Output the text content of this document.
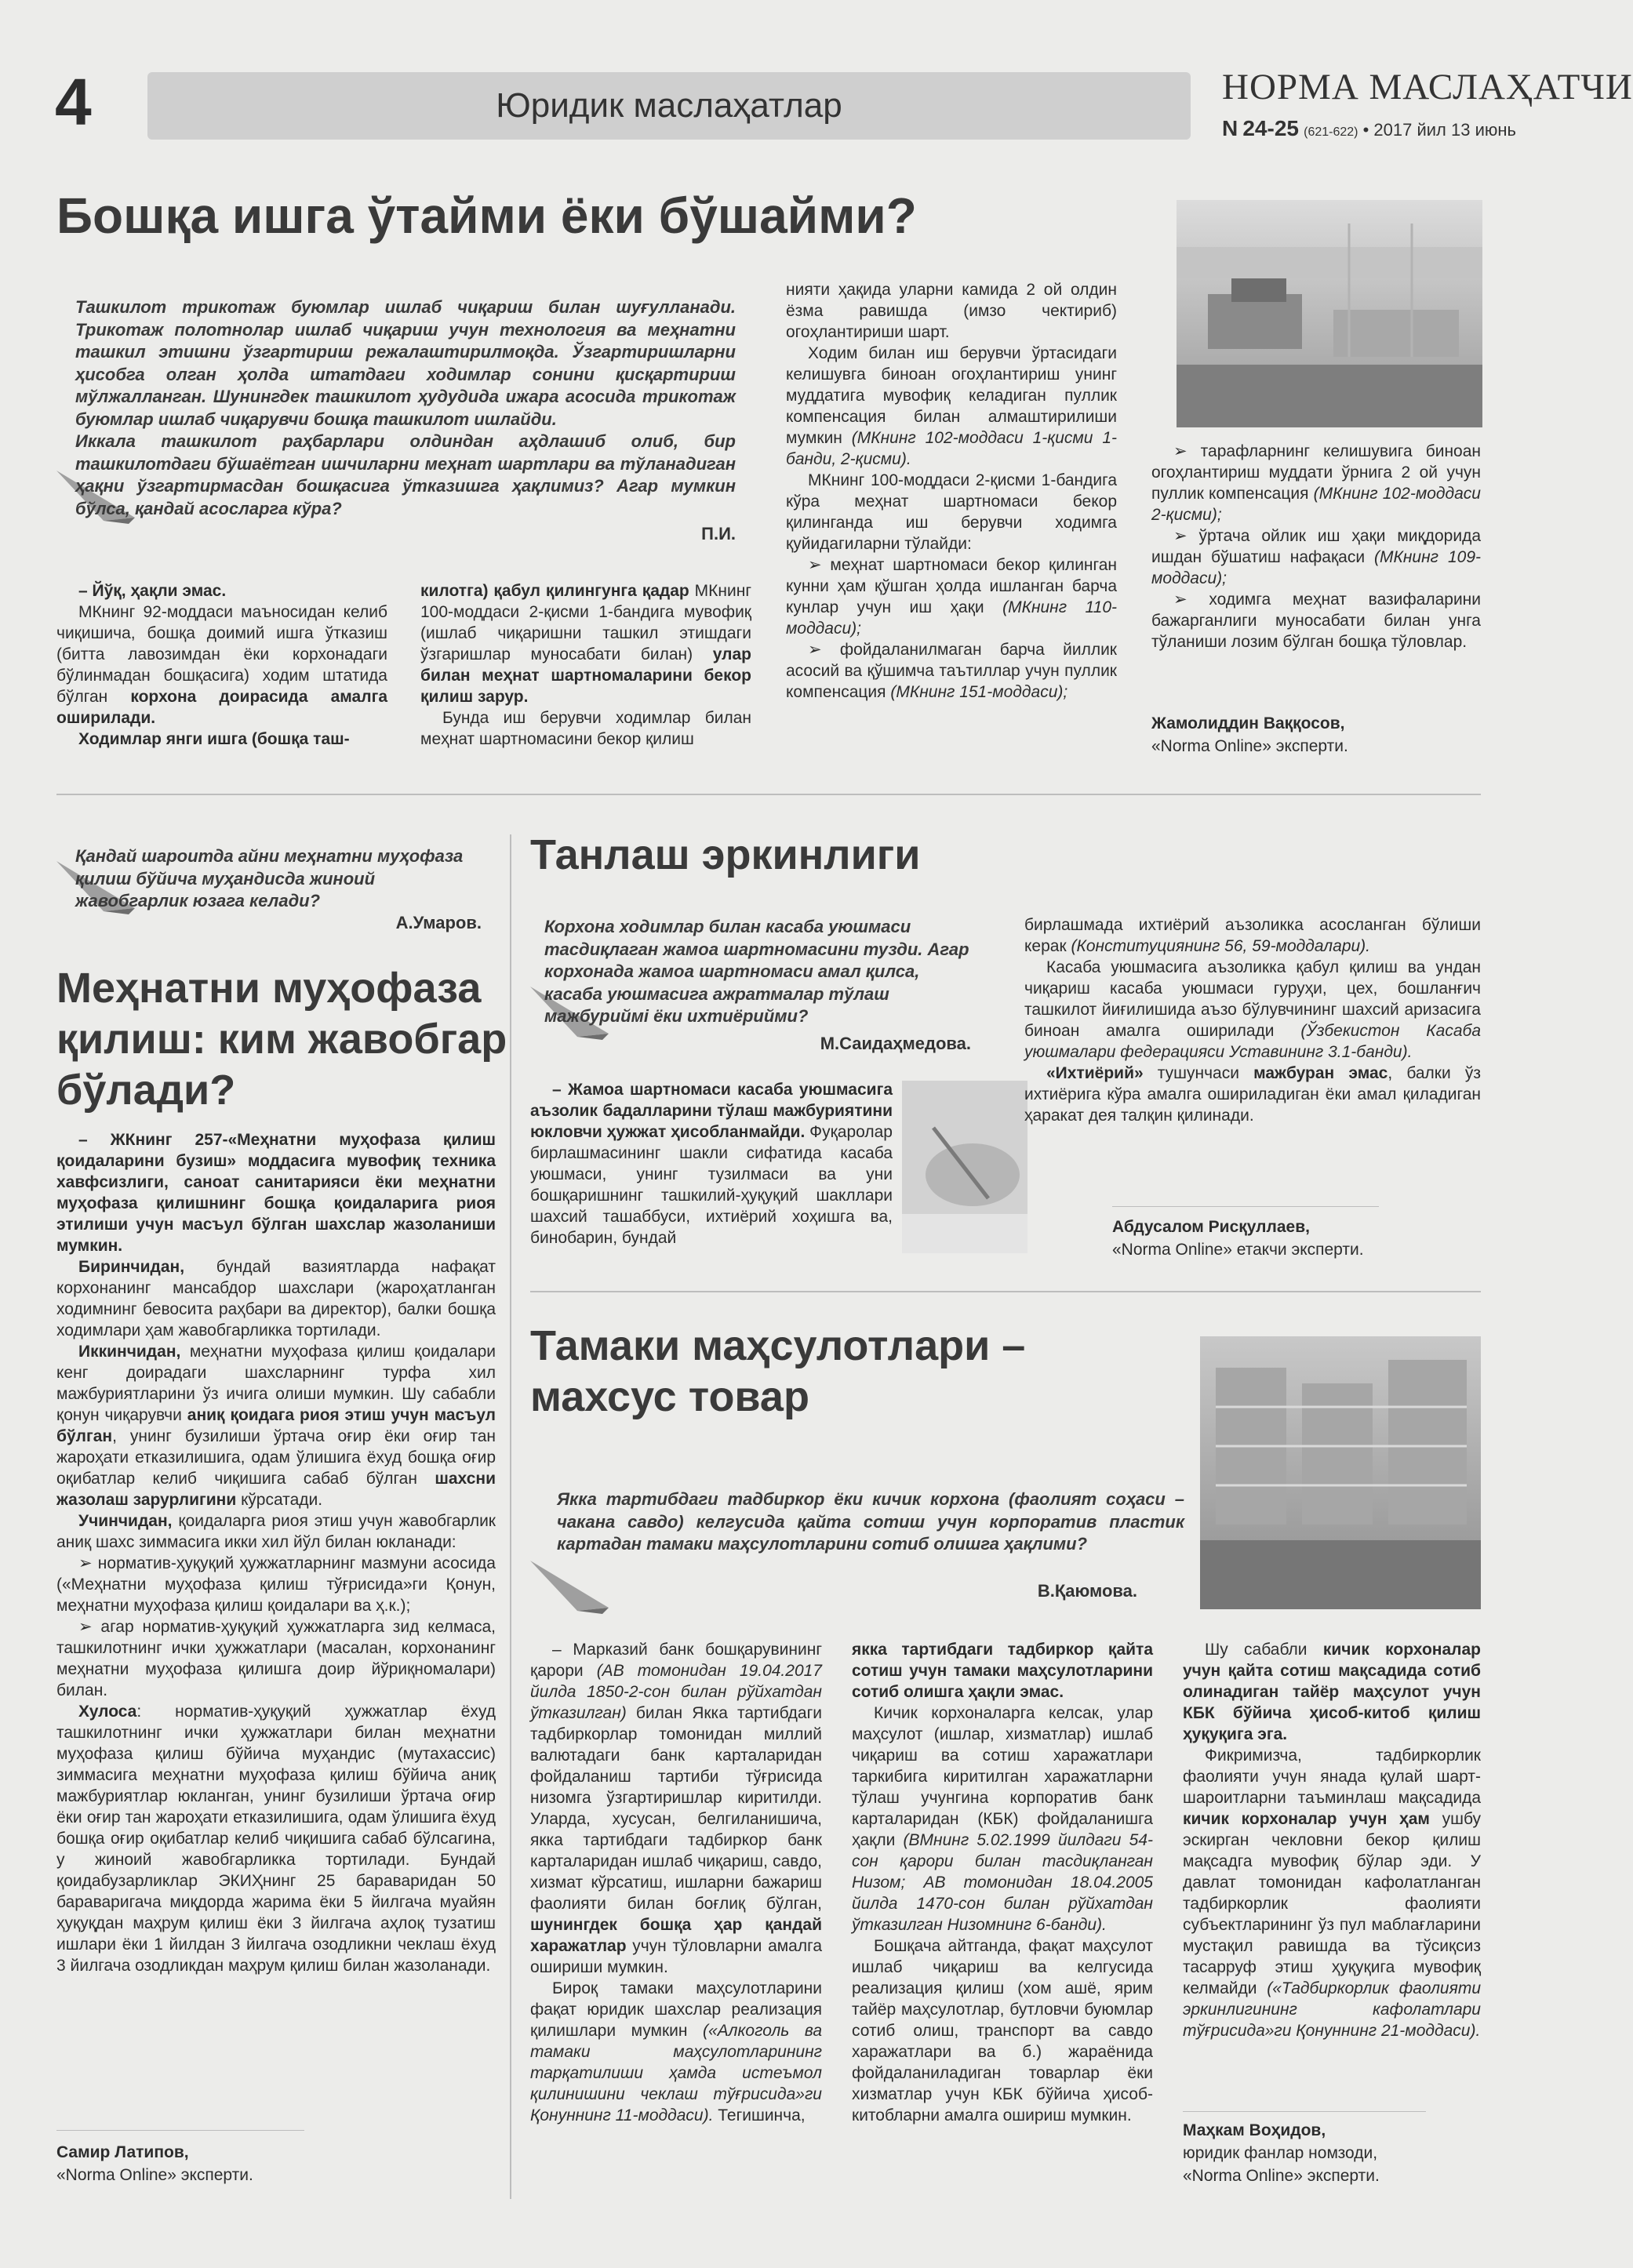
4	Юридик маслаҳатлар	НОРМА МАСЛАҲАТЧИ
N 24-25 (621-622) • 2017 йил 13 июнь
Бошқа ишга ўтайми ёки бўшайми?

Ташкилот трикотаж буюмлар ишлаб чиқариш билан шуғулланади. Трикотаж полотнолар ишлаб чиқариш учун технология ва меҳнатни ташкил этишни ўзгартириш режалаштирилмоқда. Ўзгартиришларни ҳисобга олган ҳолда штатдаги ходимлар сонини қисқартириш мўлжалланган. Шунингдек ташкилот ҳудудида ижара асосида трикотаж буюмлар ишлаб чиқарувчи бошқа ташкилот ишлайди.
Иккала ташкилот раҳбарлари олдиндан аҳдлашиб олиб, бир ташкилотдаги бўшаётган ишчиларни меҳнат шартлари ва тўланадиган ҳақни ўзгартирмасдан бошқасига ўтказишга ҳақлимиз? Агар мумкин бўлса, қандай асосларга кўра?

П.И.

– Йўқ, ҳақли эмас.

МКнинг 92-моддаси маъносидан келиб чиқишича, бошқа доимий ишга ўтказиш (битта лавозимдан ёки корхонадаги бўлинмадан бошқасига) ходим штатида бўлган корхона доирасида амалга оширилади.

Ходимлар янги ишга (бошқа таш-

килотга) қабул қилингунга қадар МКнинг 100-моддаси 2-қисми 1-бандига мувофиқ (ишлаб чиқаришни ташкил этишдаги ўзгаришлар муносабати билан) улар билан меҳнат шартномаларини бекор қилиш зарур.

Бунда иш берувчи ходимлар билан меҳнат шартномасини бекор қилиш

нияти ҳақида уларни камида 2 ой олдин ёзма равишда (имзо чектириб) огоҳлантириши шарт.

Ходим билан иш берувчи ўртасидаги келишувга биноан огоҳлантириш унинг муддатига мувофиқ келадиган пуллик компенсация билан алмаштирилиши мумкин (МКнинг 102-моддаси 1-қисми 1-банди, 2-қисми).

МКнинг 100-моддаси 2-қисми 1-бандига кўра меҳнат шартномаси бекор қилинганда иш берувчи ходимга қуйидагиларни тўлайди:

➢ меҳнат шартномаси бекор қилинган кунни ҳам қўшган ҳолда ишланган барча кунлар учун иш ҳақи (МКнинг 110-моддаси);

➢ фойдаланилмаган барча йиллик асосий ва қўшимча таътиллар учун пуллик компенсация (МКнинг 151-моддаси);

➢ тарафларнинг келишувига биноан огоҳлантириш муддати ўрнига 2 ой учун пуллик компенсация (МКнинг 102-моддаси 2-қисми);

➢ ўртача ойлик иш ҳақи миқдорида ишдан бўшатиш нафақаси (МКнинг 109-моддаси);

➢ ходимга меҳнат вазифаларини бажарганлиги муносабати билан унга тўланиши лозим бўлган бошқа тўловлар.

Жамолиддин Ваққосов,
«Norma Online» эксперти.

Қандай шароитда айни меҳнатни муҳофаза қилиш бўйича муҳандисда жиноий жавобгарлик юзага келади?

А.Умаров.
Меҳнатни муҳофаза қилиш: ким жавобгар бўлади?

– ЖКнинг 257-«Меҳнатни муҳофаза қилиш қоидаларини бузиш» моддасига мувофиқ техника хавфсизлиги, саноат санитарияси ёки меҳнатни муҳофаза қилишнинг бошқа қоидаларига риоя этилиши учун масъул бўлган шахслар жазоланиши мумкин.

Биринчидан, бундай вазиятларда нафақат корхонанинг мансабдор шахслари (жароҳатланган ходимнинг бевосита раҳбари ва директор), балки бошқа ходимлари ҳам жавобгарликка тортилади.

Иккинчидан, меҳнатни муҳофаза қилиш қоидалари кенг доирадаги шахсларнинг турфа хил мажбуриятларини ўз ичига олиши мумкин. Шу сабабли қонун чиқарувчи аниқ қоидага риоя этиш учун масъул бўлган, унинг бузилиши ўртача оғир ёки оғир тан жароҳати етказилишига, одам ўлишига ёхуд бошқа оғир оқибатлар келиб чиқишига сабаб бўлган шахсни жазолаш зарурлигини кўрсатади.

Учинчидан, қоидаларга риоя этиш учун жавобгарлик аниқ шахс зиммасига икки хил йўл билан юкланади:

➢ норматив-ҳуқуқий ҳужжатларнинг мазмуни асосида («Меҳнатни муҳофаза қилиш тўғрисида»ги Қонун, меҳнатни муҳофаза қилиш қоидалари ва ҳ.к.);

➢ агар норматив-ҳуқуқий ҳужжатларга зид келмаса, ташкилотнинг ички ҳужжатлари (масалан, корхонанинг меҳнатни муҳофаза қилишга доир йўриқномалари) билан.

Хулоса: норматив-ҳуқуқий ҳужжатлар ёхуд ташкилотнинг ички ҳужжатлари билан меҳнатни муҳофаза қилиш бўйича муҳандис (мутахассис) зиммасига меҳнатни муҳофаза қилиш бўйича аниқ мажбуриятлар юкланган, унинг бузилиши ўртача оғир ёки оғир тан жароҳати етказилишига, одам ўлишига ёхуд бошқа оғир оқибатлар келиб чиқишига сабаб бўлсагина, у жиноий жавобгарликка тортилади. Бундай қоидабузарликлар ЭКИҲнинг 25 бараваридан 50 бараваригача миқдорда жарима ёки 5 йилгача муайян ҳуқуқдан маҳрум қилиш ёки 3 йилгача аҳлоқ тузатиш ишлари ёки 1 йилдан 3 йилгача озодликни чеклаш ёхуд 3 йилгача озодликдан маҳрум қилиш билан жазоланади.

Самир Латипов,
«Norma Online» эксперти.
Танлаш эркинлиги

Корхона ходимлар билан касаба уюшмаси тасдиқлаган жамоа шартномасини тузди. Агар корхонада жамоа шартномаси амал қилса, касаба уюшмасига ажратмалар тўлаш мажбуриймi ёки ихтиёрийми?

М.Саидаҳмедова.

– Жамоа шартномаси касаба уюшмасига аъзолик бадалларини тўлаш мажбуриятини юкловчи ҳужжат ҳисобланмайди. Фуқаролар бирлашмасининг шакли сифатида касаба уюшмаси, унинг тузилмаси ва уни бошқаришнинг ташкилий-ҳуқуқий шакллари шахсий ташаббуси, ихтиёрий хоҳишга ва, бинобарин, бундай

бирлашмада ихтиёрий аъзоликка асосланган бўлиши керак (Конституциянинг 56, 59-моддалари).

Касаба уюшмасига аъзоликка қабул қилиш ва ундан чиқариш касаба уюшмаси гуруҳи, цех, бошланғич ташкилот йиғилишида аъзо бўлувчининг шахсий аризасига биноан амалга оширилади (Ўзбекистон Касаба уюшмалари федерацияси Уставининг 3.1-банди).

«Ихтиёрий» тушунчаси мажбуран эмас, балки ўз ихтиёрига кўра амалга ошириладиган ёки амал қиладиган ҳаракат дея талқин қилинади.

Абдусалом Рисқуллаев,
«Norma Online» етакчи эксперти.
Тамаки маҳсулотлари –
махсус товар

Якка тартибдаги тадбиркор ёки кичик корхона (фаолият соҳаси – чакана савдо) келгусида қайта сотиш учун корпоратив пластик картадан тамаки маҳсулотларини сотиб олишга ҳақлими?

В.Қаюмова.

– Марказий банк бошқарувининг қарори (АВ томонидан 19.04.2017 йилда 1850-2-сон билан рўйхатдан ўтказилган) билан Якка тартибдаги тадбиркорлар томонидан миллий валютадаги банк карталаридан фойдаланиш тартиби тўғрисида низомга ўзгартиришлар киритилди. Улардa, хусусан, белгиланишича, якка тартибдаги тадбиркор банк карталаридан ишлаб чиқариш, савдо, хизмат кўрсатиш, ишларни бажариш фаолияти билан боғлиқ бўлган, шунингдек бошқа ҳар қандай харажатлар учун тўловларни амалга ошириши мумкин.

Бироқ тамаки маҳсулотларини фақат юридик шахслар реализация қилишлари мумкин («Алкоголь ва тамаки маҳсулотларининг тарқатилиши ҳамда истеъмол қилинишини чеклаш тўғрисида»ги Қонуннинг 11-моддаси). Тегишинча,

якка тартибдаги тадбиркор қайта сотиш учун тамаки маҳсулотларини сотиб олишга ҳақли эмас.

Кичик корхоналарга келсак, улар маҳсулот (ишлар, хизматлар) ишлаб чиқариш ва сотиш харажатлари таркибига киритилган харажатларни тўлаш учунгина корпоратив банк карталаридан (КБК) фойдаланишга ҳақли (ВМнинг 5.02.1999 йилдаги 54-сон қарори билан тасдиқланган Низом; АВ томонидан 18.04.2005 йилда 1470-сон билан рўйхатдан ўтказилган Низомнинг 6-банди).

Бошқача айтганда, фақат маҳсулот ишлаб чиқариш ва келгусида реализация қилиш (хом ашё, ярим тайёр маҳсулотлар, бутловчи буюмлар сотиб олиш, транспорт ва савдо харажатлари ва б.) жараёнида фойдаланиладиган товарлар ёки хизматлар учун КБК бўйича ҳисоб-китобларни амалга ошириш мумкин.

Шу сабабли кичик корхоналар учун қайта сотиш мақсадида сотиб олинадиган тайёр маҳсулот учун КБК бўйича ҳисоб-китоб қилиш ҳуқуқига эга.

Фикримизча, тадбиркорлик фаолияти учун янада қулай шарт-шароитларни таъминлаш мақсадида кичик корхоналар учун ҳам ушбу эскирган чекловни бекор қилиш мақсадга мувофиқ бўлар эди. У давлат томонидан кафолатланган тадбиркорлик фаолияти субъектларининг ўз пул маблағларини мустақил равишда ва тўсиқсиз тасарруф этиш ҳуқуқига мувофиқ келмайди («Тадбиркорлик фаолияти эркинлигининг кафолатлари тўғрисида»ги Қонуннинг 21-моддаси).

Маҳкам Воҳидов,
юридик фанлар номзоди,
«Norma Online» эксперти.
